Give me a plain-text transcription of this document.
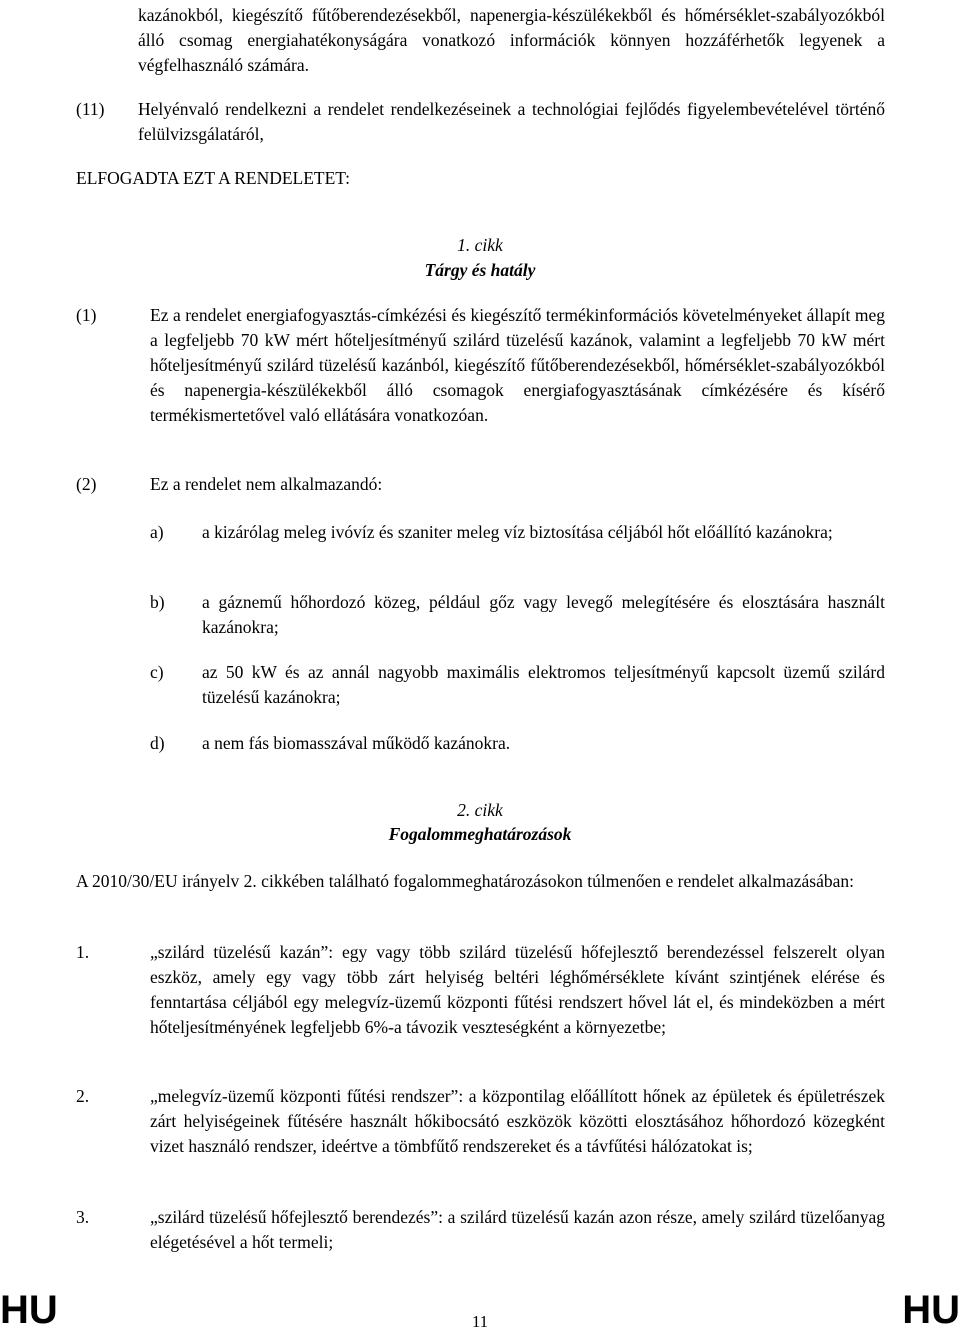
kazánokból, kiegészítő fűtőberendezésekből, napenergia-készülékekből és hőmérséklet-szabályozókból álló csomag energiahatékonyságára vonatkozó információk könnyen hozzáférhetők legyenek a végfelhasználó számára.
(11) Helyénvaló rendelkezni a rendelet rendelkezéseinek a technológiai fejlődés figyelembevételével történő felülvizsgálatáról,
ELFOGADTA EZT A RENDELETET:

1. cikk

Tárgy és hatály

(1)	Ez a rendelet energiafogyasztás-címkézési és kiegészítő termékinformációs követelményeket állapít meg a legfeljebb 70 kW mért hőteljesítményű szilárd tüzelésű kazánok, valamint a legfeljebb 70 kW mért hőteljesítményű szilárd tüzelésű kazánból, kiegészítő fűtőberendezésekből, hőmérséklet-szabályozókból és napenergia-készülékekből álló csomagok energiafogyasztásának címkézésére és kísérő termékismertetővel való ellátására vonatkozóan.
(2)	Ez a rendelet nem alkalmazandó:
a) a kizárólag meleg ivóvíz és szaniter meleg víz biztosítása céljából hőt előállító kazánokra;
b) a gáznemű hőhordozó közeg, például gőz vagy levegő melegítésére és elosztására használt kazánokra;
c) az 50 kW és az annál nagyobb maximális elektromos teljesítményű kapcsolt üzemű szilárd tüzelésű kazánokra;
d) a nem fás biomasszával működő kazánokra.

2. cikk

Fogalommeghatározások

A 2010/30/EU irányelv 2. cikkében található fogalommeghatározásokon túlmenően e rendelet alkalmazásában:
1.	„szilárd tüzelésű kazán”: egy vagy több szilárd tüzelésű hőfejlesztő berendezéssel felszerelt olyan eszköz, amely egy vagy több zárt helyiség beltéri léghőmérséklete kívánt szintjének elérése és fenntartása céljából egy melegvíz-üzemű központi fűtési rendszert hővel lát el, és mindeközben a mért hőteljesítményének legfeljebb 6%-a távozik veszteségként a környezetbe;
2.	„melegvíz-üzemű központi fűtési rendszer”: a központilag előállított hőnek az épületek és épületrészek zárt helyiségeinek fűtésére használt hőkibocsátó eszközök közötti elosztásához hőhordozó közegként vizet használó rendszer, ideértve a tömbfűtő rendszereket és a távfűtési hálózatokat is;
3.	„szilárd tüzelésű hőfejlesztő berendezés”: a szilárd tüzelésű kazán azon része, amely szilárd tüzelőanyag elégetésével a hőt termeli;
HU	11	HU
